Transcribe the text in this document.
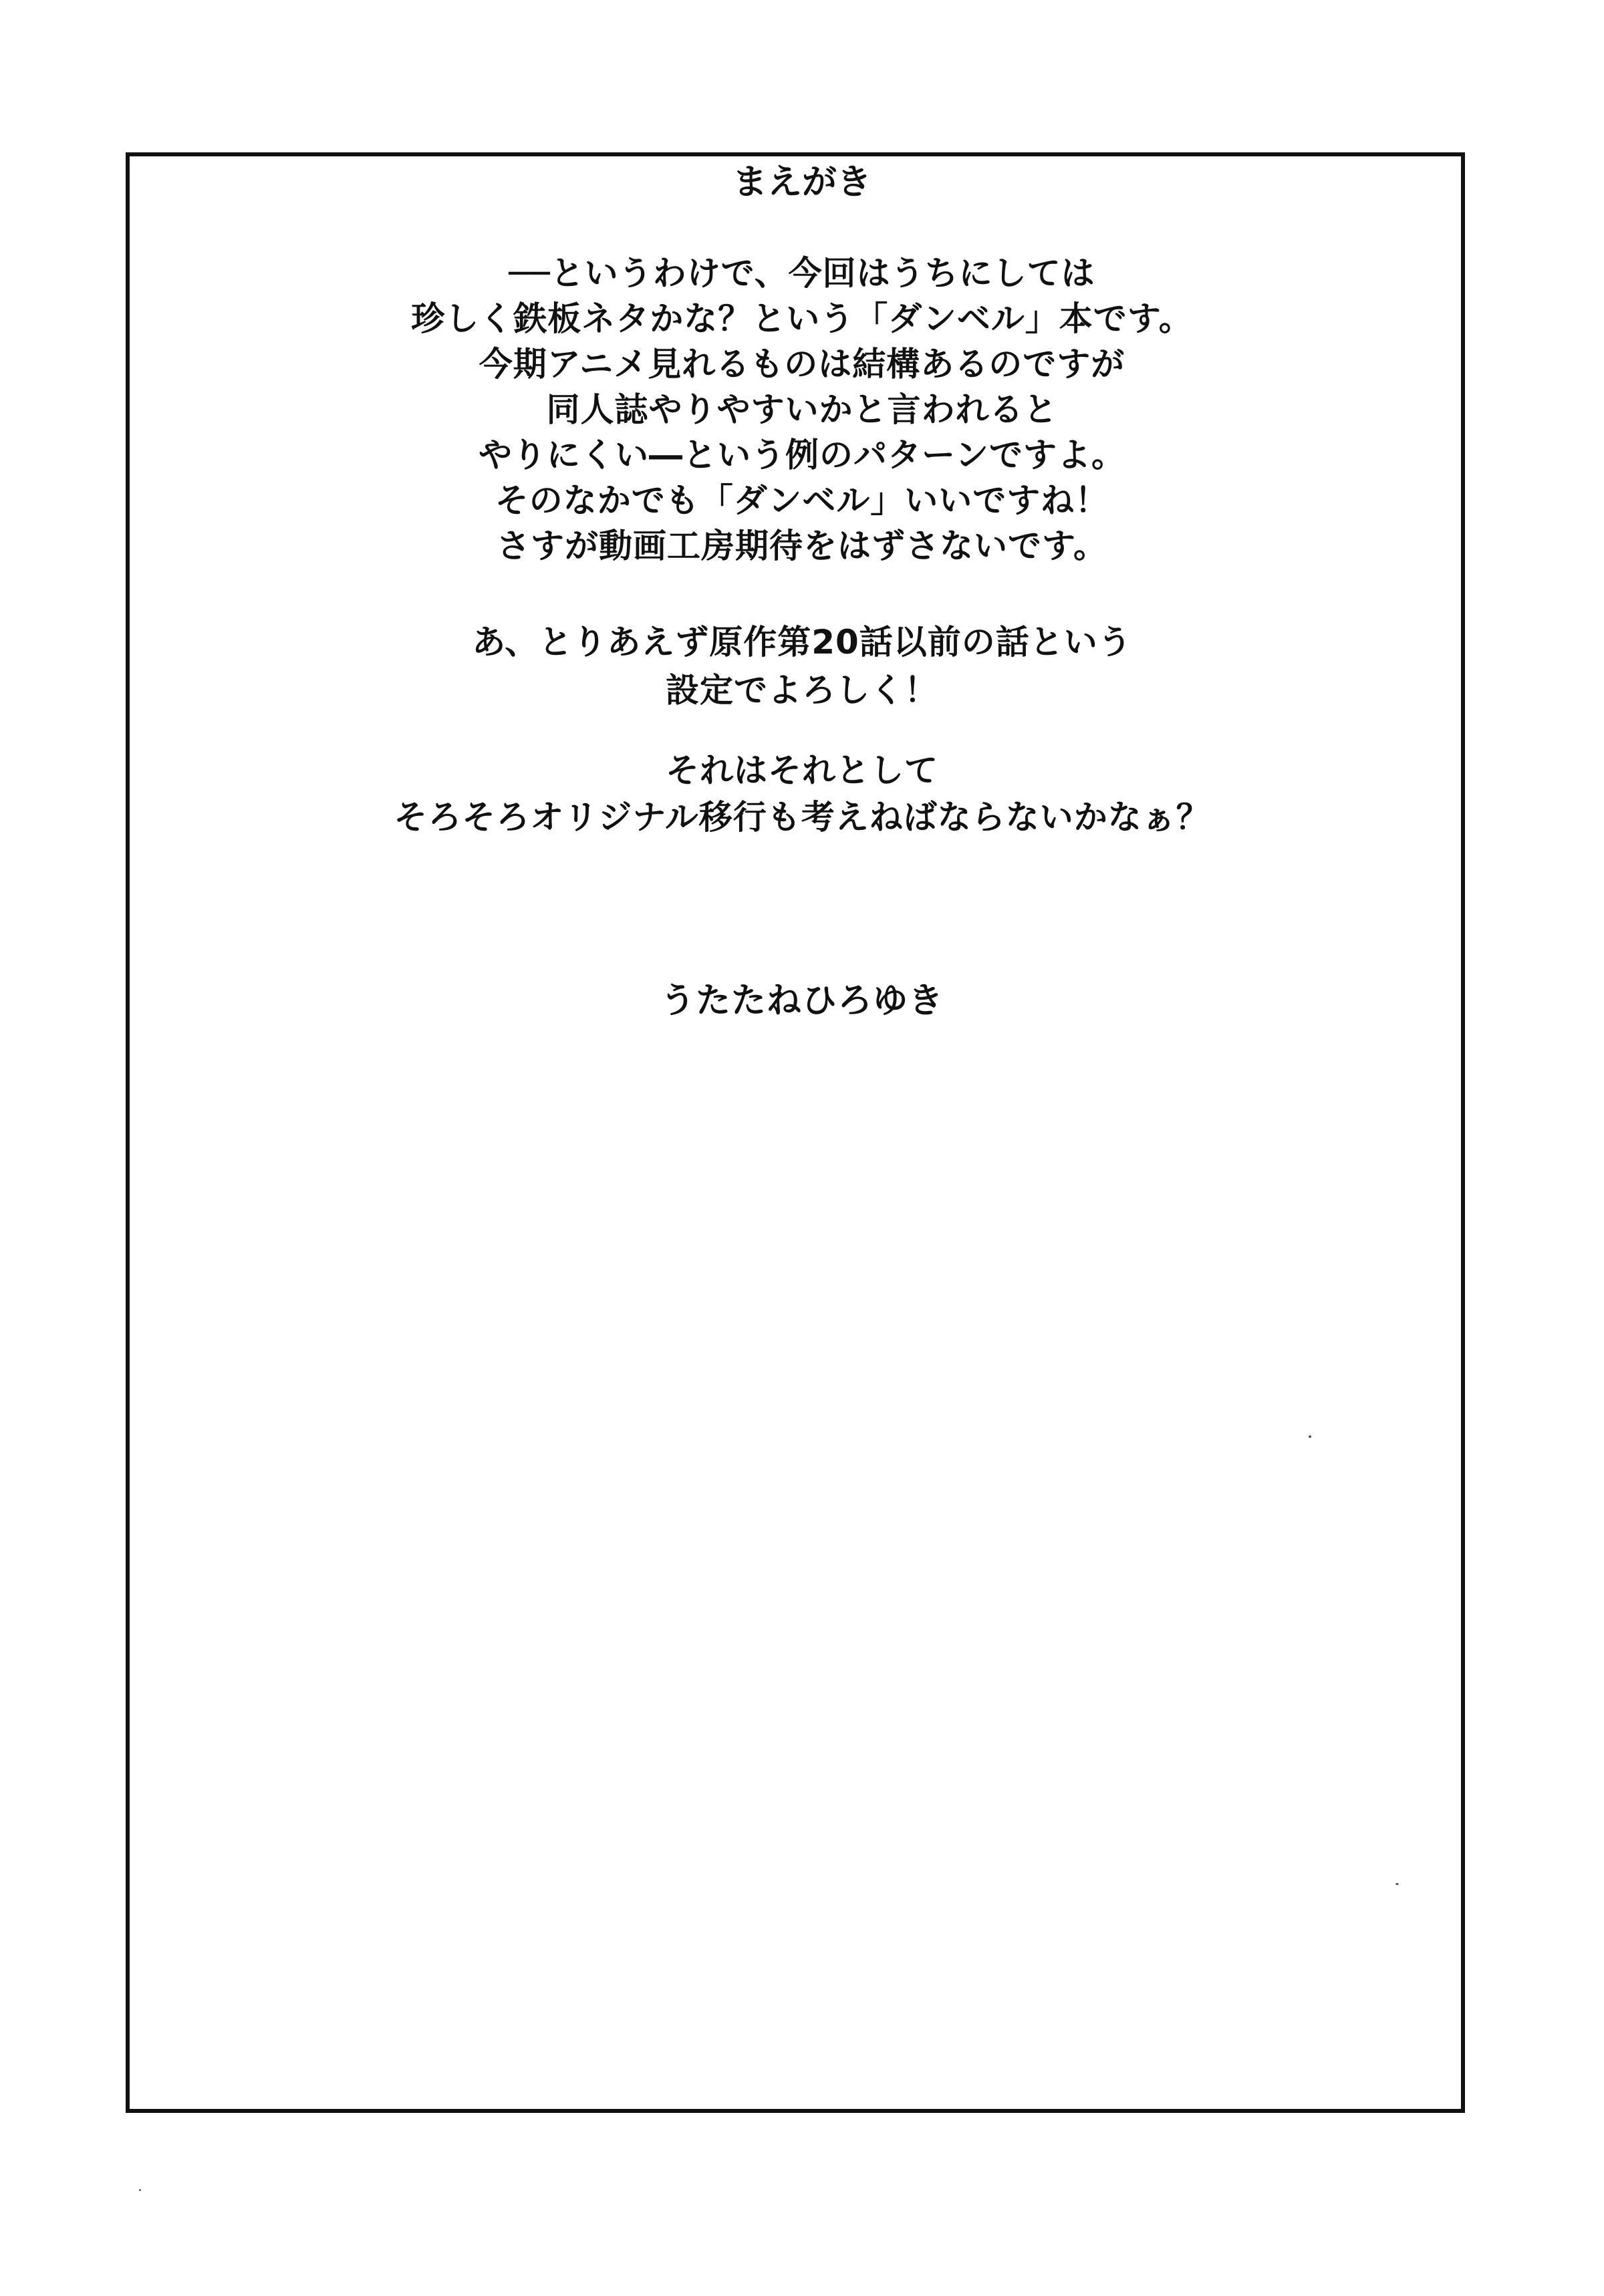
まえがき
──というわけで、今回はうちにしては
珍しく鉄板ネタかな？という「ダンベル」本です。
今期アニメ見れるものは結構あるのですが
同人誌やりやすいかと言われると
やりにくい―という例のパターンですよ。
そのなかでも「ダンベル」いいですね！
さすが動画工房期待をはずさないです。
あ、とりあえず原作第20話以前の話という
設定でよろしく！
それはそれとして
そろそろオリジナル移行も考えねばならないかなぁ？
うたたねひろゆき
